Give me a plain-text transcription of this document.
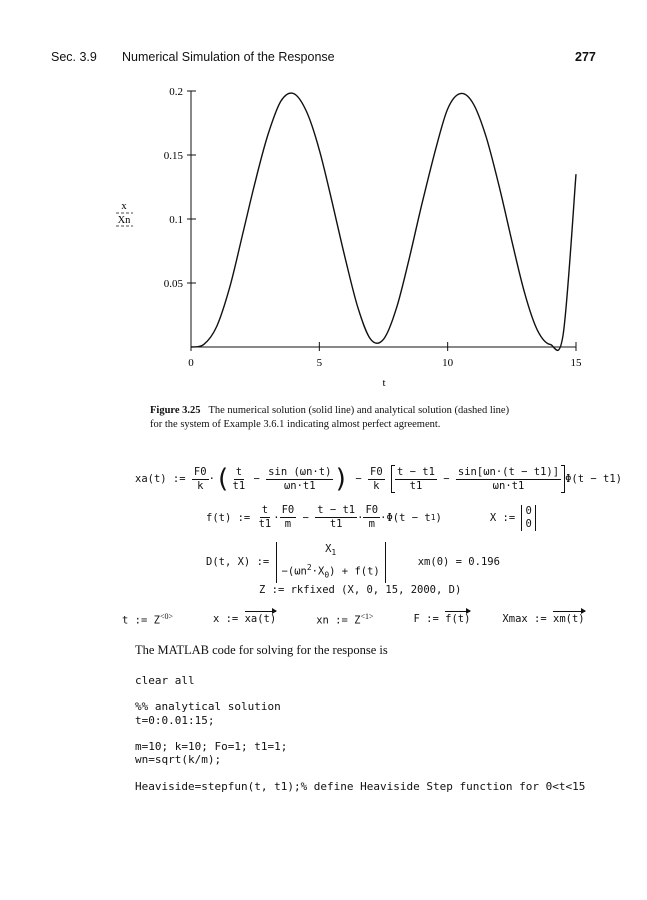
Sec. 3.9 Numerical Simulation of the Response	277
0	5	10	15
0.05
0.1
0.15
0.2
t
x
Xn
Figure 3.25 The numerical solution (solid line) and analytical solution (dashed line)
for the system of Example 3.6.1 indicating almost perfect agreement.
xa(t) :=
$\frac{F0}{k}$ · ( $\frac{t}{t1} - \frac{\sin (\omega n\cdot t)}{\omega n\cdot t1}$ ) − $\frac{F0}{k}$
$\frac{t - t1}{t1} - \frac{\sin[\omega n\cdot(t - t1)]}{\omega n\cdot t1} \Phi(t - t1)$
f(t) :=
$\frac{t}{t1} \cdot \frac{F0}{m} - \frac{t - t1}{t1} \cdot \frac{F0}{m} \cdot\Phi(t - t$ 1 )	X :=

0
0
D(t, X) :=

$X_1$
$-(\omega n^2\cdot X_0) + f(t)$
xm(0) = 0.196
Z := rkfixed (X, 0, 15, 2000, D)
t := $Z^{<0>}$	x := xa(t)	xn := $Z^{<1>}$	F := f(t)	Xmax := xm(t)
The MATLAB code for solving for the response is
clear all

%% analytical solution
t=0:0.01:15;

m=10; k=10; Fo=1; t1=1;
wn=sqrt(k/m);

Heaviside=stepfun(t, t1);% define Heaviside Step function for 0<t<15
